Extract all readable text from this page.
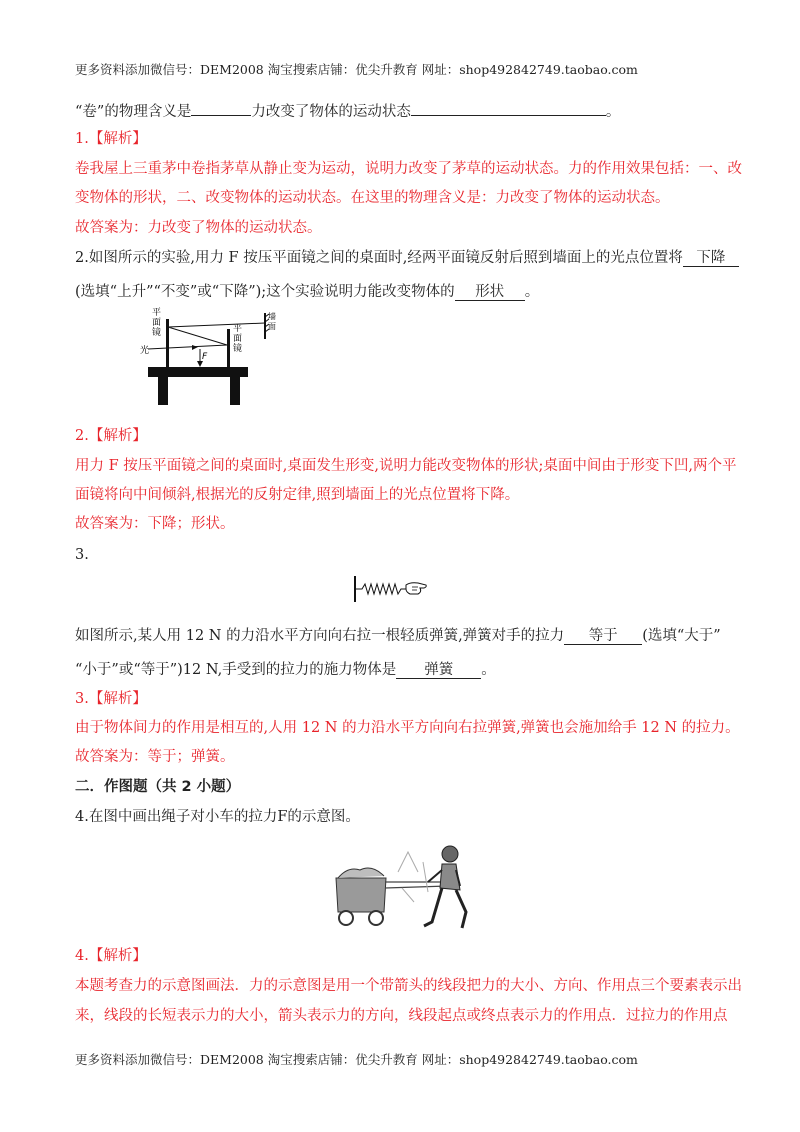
更多资料添加微信号：DEM2008 淘宝搜索店铺：优尖升教育 网址：shop492842749.taobao.com
“卷”的物理含义是	力改变了物体的运动状态	。
1.【解析】
卷我屋上三重茅中卷指茅草从静止变为运动，说明力改变了茅草的运动状态。力的作用效果包括：一、改
变物体的形状，二、改变物体的运动状态。在这里的物理含义是：力改变了物体的运动状态。
故答案为：力改变了物体的运动状态。
2.如图所示的实验,用力 F 按压平面镜之间的桌面时,经两平面镜反射后照到墙面上的光点位置将 下降
(选填“上升”“不变”或“下降”);这个实验说明力能改变物体的 形状 。
平
面
镜	平
面
镜
墙
面
光
F
2.【解析】
用力 F 按压平面镜之间的桌面时,桌面发生形变,说明力能改变物体的形状;桌面中间由于形变下凹,两个平
面镜将向中间倾斜,根据光的反射定律,照到墙面上的光点位置将下降。
故答案为：下降；形状。
3.
如图所示,某人用 12 N 的力沿水平方向向右拉一根轻质弹簧,弹簧对手的拉力 等于 (选填“大于”
“小于”或“等于”)12 N,手受到的拉力的施力物体是 弹簧 。
3.【解析】
由于物体间力的作用是相互的,人用 12 N 的力沿水平方向向右拉弹簧,弹簧也会施加给手 12 N 的拉力。
故答案为：等于；弹簧。
二．作图题（共 2 小题）
4.在图中画出绳子对小车的拉力F的示意图。
4.【解析】
本题考查力的示意图画法．力的示意图是用一个带箭头的线段把力的大小、方向、作用点三个要素表示出
来，线段的长短表示力的大小，箭头表示力的方向，线段起点或终点表示力的作用点．过拉力的作用点
更多资料添加微信号：DEM2008 淘宝搜索店铺：优尖升教育 网址：shop492842749.taobao.com
